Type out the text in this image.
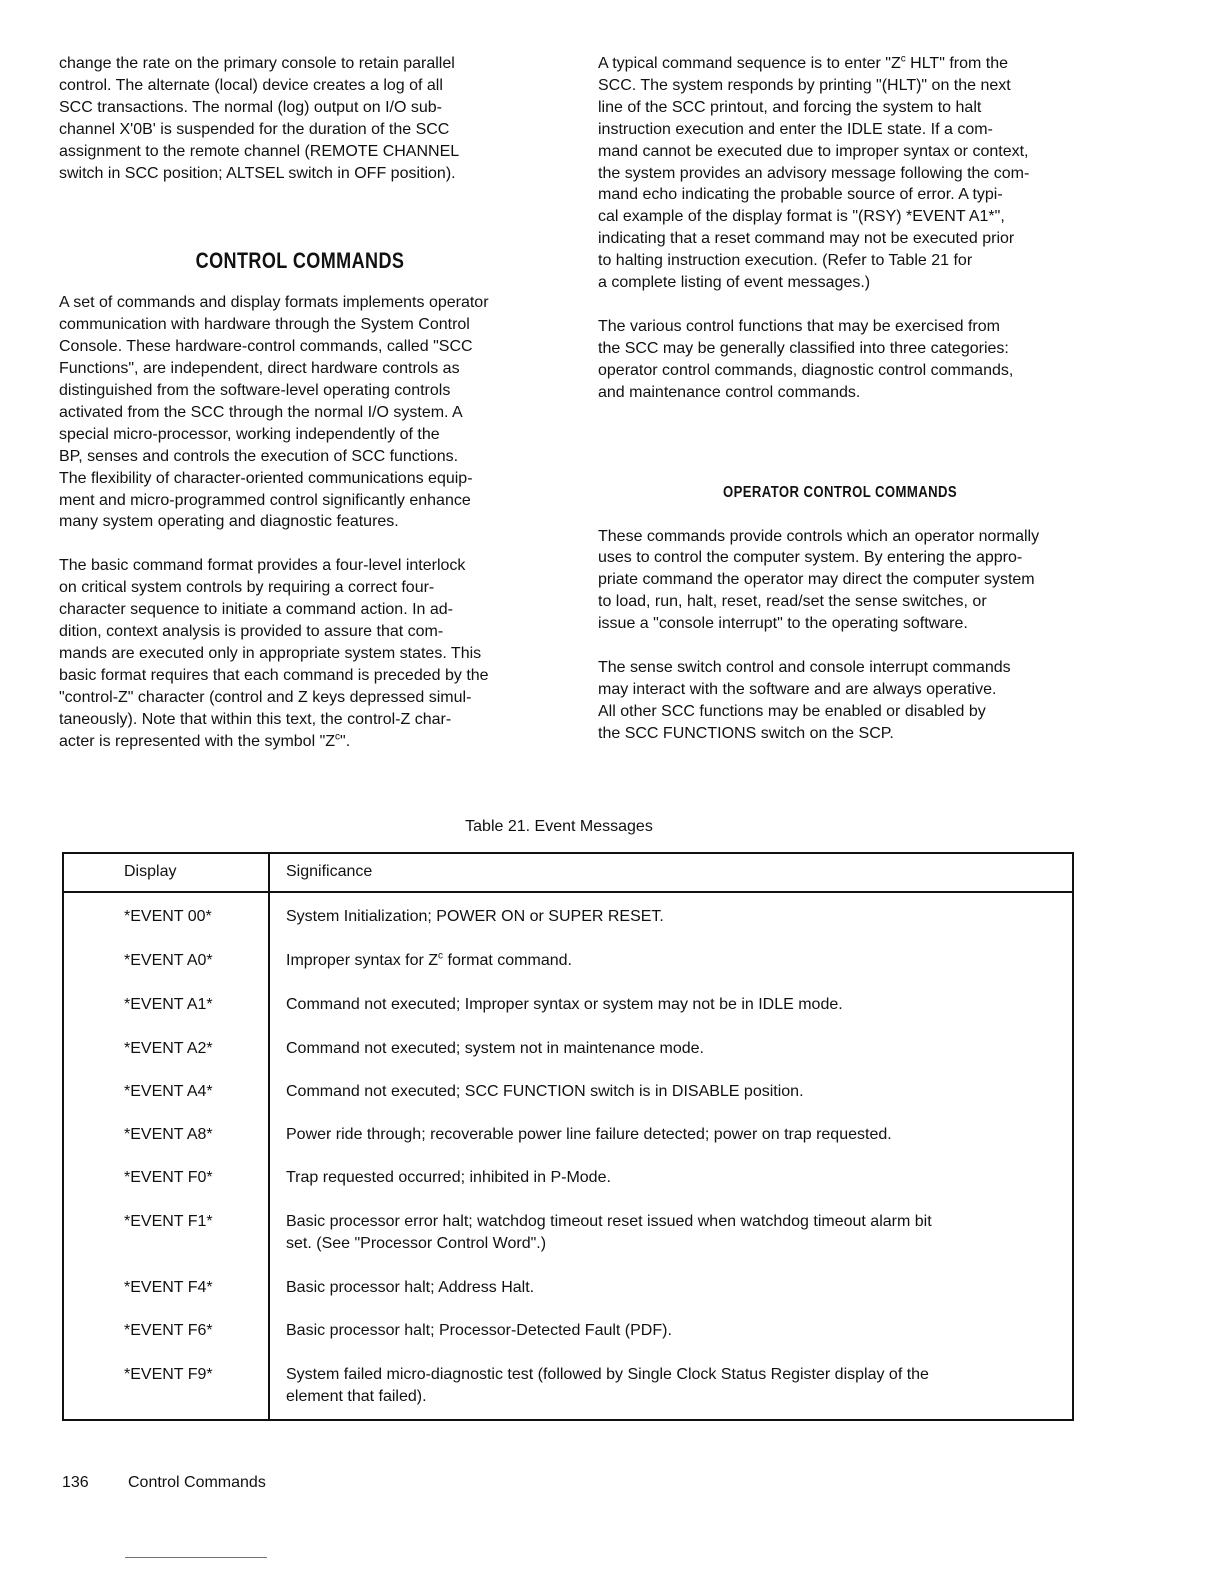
change the rate on the primary console to retain parallel
control. The alternate (local) device creates a log of all
SCC transactions. The normal (log) output on I/O sub-
channel X'0B' is suspended for the duration of the SCC
assignment to the remote channel (REMOTE CHANNEL
switch in SCC position; ALTSEL switch in OFF position).

CONTROL COMMANDS

A set of commands and display formats implements operator
communication with hardware through the System Control
Console. These hardware-control commands, called "SCC
Functions", are independent, direct hardware controls as
distinguished from the software-level operating controls
activated from the SCC through the normal I/O system. A
special micro-processor, working independently of the
BP, senses and controls the execution of SCC functions.
The flexibility of character-oriented communications equip-
ment and micro-programmed control significantly enhance
many system operating and diagnostic features.

The basic command format provides a four-level interlock
on critical system controls by requiring a correct four-
character sequence to initiate a command action. In ad-
dition, context analysis is provided to assure that com-
mands are executed only in appropriate system states. This
basic format requires that each command is preceded by the
"control-Z" character (control and Z keys depressed simul-
taneously). Note that within this text, the control-Z char-
acter is represented with the symbol "$Z^c$".

A typical command sequence is to enter "$Z^c$ HLT" from the
SCC. The system responds by printing "(HLT)" on the next
line of the SCC printout, and forcing the system to halt
instruction execution and enter the IDLE state. If a com-
mand cannot be executed due to improper syntax or context,
the system provides an advisory message following the com-
mand echo indicating the probable source of error. A typi-
cal example of the display format is "(RSY) *EVENT A1*",
indicating that a reset command may not be executed prior
to halting instruction execution. (Refer to Table 21 for
a complete listing of event messages.)

The various control functions that may be exercised from
the SCC may be generally classified into three categories:
operator control commands, diagnostic control commands,
and maintenance control commands.

OPERATOR CONTROL COMMANDS

These commands provide controls which an operator normally
uses to control the computer system. By entering the appro-
priate command the operator may direct the computer system
to load, run, halt, reset, read/set the sense switches, or
issue a "console interrupt" to the operating software.

The sense switch control and console interrupt commands
may interact with the software and are always operative.
All other SCC functions may be enabled or disabled by
the SCC FUNCTIONS switch on the SCP.

Table 21. Event Messages
Display	Significance
*EVENT 00*	System Initialization; POWER ON or SUPER RESET.
*EVENT A0*	Improper syntax for $Z^c$ format command.
*EVENT A1*	Command not executed; Improper syntax or system may not be in IDLE mode.
*EVENT A2*	Command not executed; system not in maintenance mode.
*EVENT A4*	Command not executed; SCC FUNCTION switch is in DISABLE position.
*EVENT A8*	Power ride through; recoverable power line failure detected; power on trap requested.
*EVENT F0*	Trap requested occurred; inhibited in P-Mode.
*EVENT F1*	Basic processor error halt; watchdog timeout reset issued when watchdog timeout alarm bit
set. (See "Processor Control Word".)
*EVENT F4*	Basic processor halt; Address Halt.
*EVENT F6*	Basic processor halt; Processor-Detected Fault (PDF).
*EVENT F9*	System failed micro-diagnostic test (followed by Single Clock Status Register display of the
element that failed).
136 Control Commands
